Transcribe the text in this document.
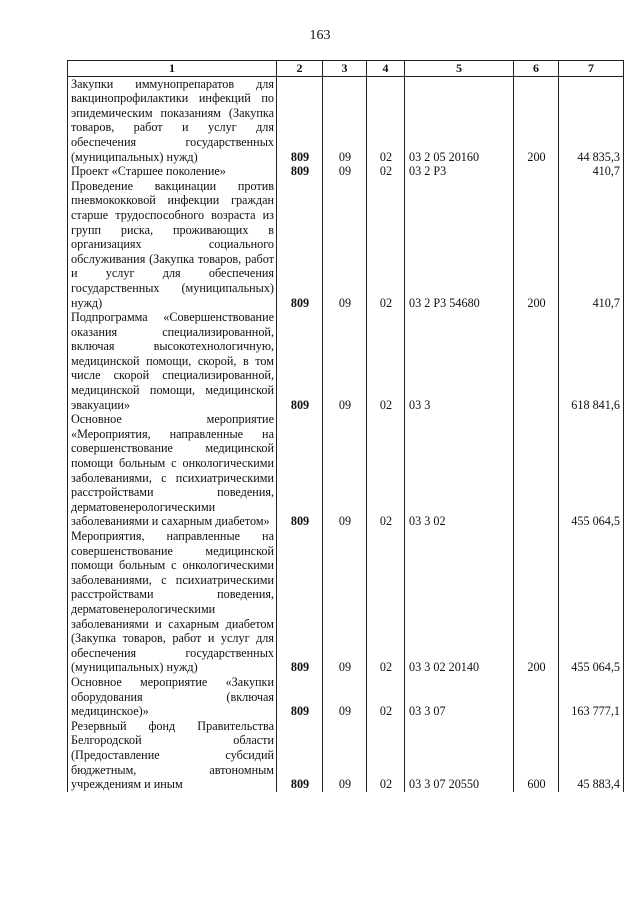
163
1	2	3	4	5	6	7
Закупки иммунопрепаратов для вакцинопрофилактики инфекций по эпидемическим показаниям (Закупка товаров, работ и услуг для обеспечения государственных (муниципальных) нужд)	809	09	02	03 2 05 20160	200	44 835,3
Проект «Старшее поколение»	809	09	02	03 2 P3		410,7
Проведение вакцинации против пневмококковой инфекции граждан старше трудоспособного возраста из групп риска, проживающих в организациях социального обслуживания (Закупка товаров, работ и услуг для обеспечения государственных (муниципальных) нужд)	809	09	02	03 2 P3 54680	200	410,7
Подпрограмма «Совершенствование оказания специализированной, включая высокотехнологичную, медицинской помощи, скорой, в том числе скорой специализированной, медицинской помощи, медицинской эвакуации»	809	09	02	03 3		618 841,6
Основное мероприятие «Мероприятия, направленные на совершенствование медицинской помощи больным с онкологическими заболеваниями, с психиатрическими расстройствами поведения, дерматовенерологическими заболеваниями и сахарным диабетом»	809	09	02	03 3 02		455 064,5
Мероприятия, направленные на совершенствование медицинской помощи больным с онкологическими заболеваниями, с психиатрическими расстройствами поведения, дерматовенерологическими заболеваниями и сахарным диабетом (Закупка товаров, работ и услуг для обеспечения государственных (муниципальных) нужд)	809	09	02	03 3 02 20140	200	455 064,5
Основное мероприятие «Закупки оборудования (включая медицинское)»	809	09	02	03 3 07		163 777,1
Резервный фонд Правительства Белгородской области (Предоставление субсидий бюджетным, автономным учреждениям и иным	809	09	02	03 3 07 20550	600	45 883,4
